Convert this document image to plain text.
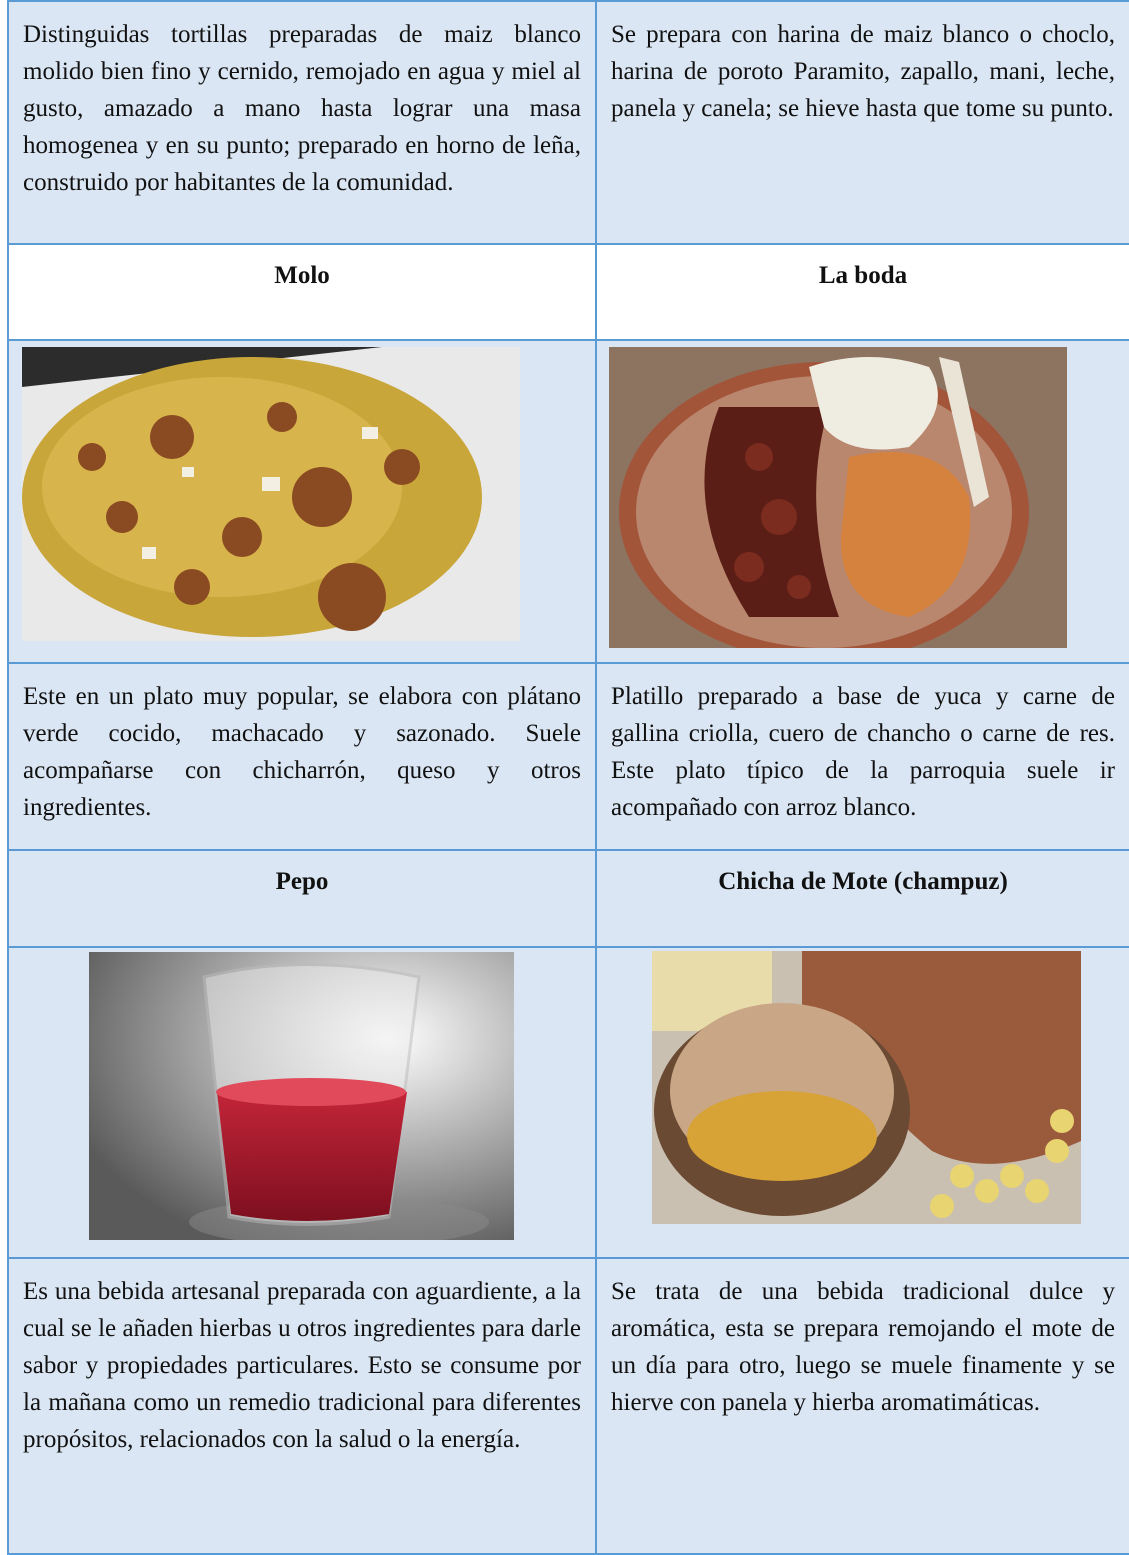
Distinguidas tortillas preparadas de maiz blanco molido bien fino y cernido, remojado en agua y miel al gusto, amazado a mano hasta lograr una masa homogenea y en su punto; preparado en horno de leña, construido por habitantes de la comunidad.	Se prepara con harina de maiz blanco o choclo, harina de poroto Paramito, zapallo, mani, leche, panela y canela; se hieve hasta que tome su punto.
Molo	La boda

Este en un plato muy popular, se elabora con plátano verde cocido, machacado y sazonado. Suele acompañarse con chicharrón, queso y otros ingredientes.	Platillo preparado a base de yuca y carne de gallina criolla, cuero de chancho o carne de res. Este plato típico de la parroquia suele ir acompañado con arroz blanco.
Pepo	Chicha de Mote (champuz)

Es una bebida artesanal preparada con aguardiente, a la cual se le añaden hierbas u otros ingredientes para darle sabor y propiedades particulares. Esto se consume por la mañana como un remedio tradicional para diferentes propósitos, relacionados con la salud o la energía.	Se trata de una bebida tradicional dulce y aromática, esta se prepara remojando el mote de un día para otro, luego se muele finamente y se hierve con panela y hierba aromatimáticas.
